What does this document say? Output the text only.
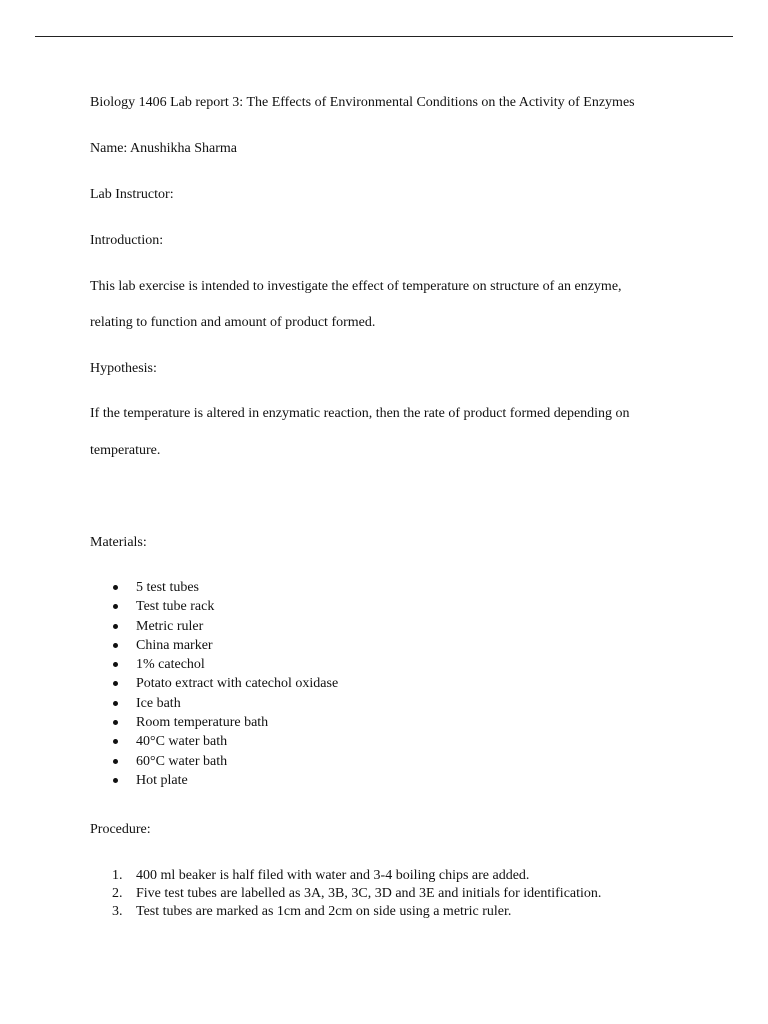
Biology 1406 Lab report 3: The Effects of Environmental Conditions on the Activity of Enzymes
Name: Anushikha Sharma
Lab Instructor:
Introduction:
This lab exercise is intended to investigate the effect of temperature on structure of an enzyme,
relating to function and amount of product formed.
Hypothesis:
If the temperature is altered in enzymatic reaction, then the rate of product formed depending on
temperature.
Materials:
5 test tubes
Test tube rack
Metric ruler
China marker
1% catechol
Potato extract with catechol oxidase
Ice bath
Room temperature bath
40°C water bath
60°C water bath
Hot plate
Procedure:
1. 400 ml beaker is half filed with water and 3-4 boiling chips are added.
2. Five test tubes are labelled as 3A, 3B, 3C, 3D and 3E and initials for identification.
3. Test tubes are marked as 1cm and 2cm on side using a metric ruler.
